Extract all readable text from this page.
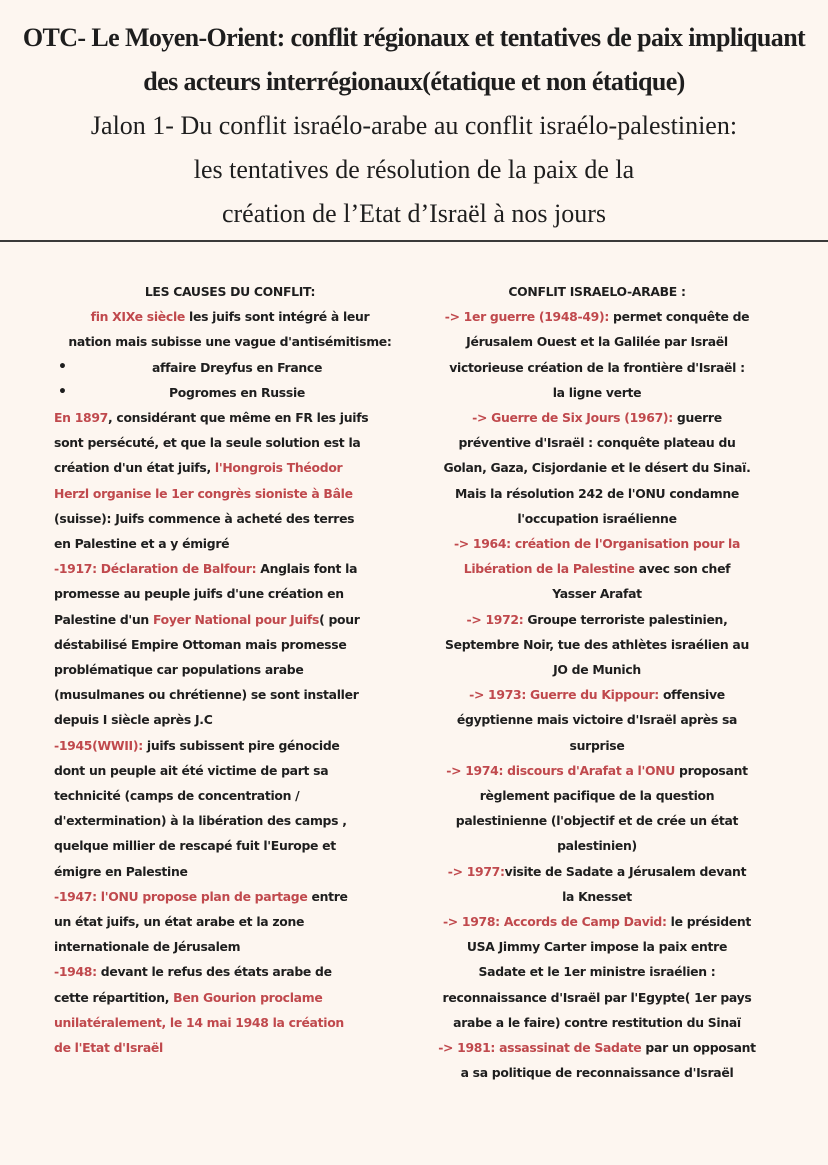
OTC- Le Moyen-Orient: conflit régionaux et tentatives de paix impliquant

des acteurs interrégionaux(étatique et non étatique)

Jalon 1- Du conflit israélo-arabe au conflit israélo-palestinien:

les tentatives de résolution de la paix de la

création de l’Etat d’Israël à nos jours

LES CAUSES DU CONFLIT:

fin XIXe siècle les juifs sont intégré à leur

nation mais subisse une vague d'antisémitisme:

•	affaire Dreyfus en France
•	Pogromes en Russie

En 1897, considérant que même en FR les juifs

sont persécuté, et que la seule solution est la

création d'un état juifs, l'Hongrois Théodor

Herzl organise le 1er congrès sioniste à Bâle

(suisse): Juifs commence à acheté des terres

en Palestine et a y émigré

-1917: Déclaration de Balfour: Anglais font la

promesse au peuple juifs d'une création en

Palestine d'un Foyer National pour Juifs( pour

déstabilisé Empire Ottoman mais promesse

problématique car populations arabe

(musulmanes ou chrétienne) se sont installer

depuis I siècle après J.C

-1945(WWII): juifs subissent pire génocide

dont un peuple ait été victime de part sa

technicité (camps de concentration /

d'extermination) à la libération des camps ,

quelque millier de rescapé fuit l'Europe et

émigre en Palestine

-1947: l'ONU propose plan de partage entre

un état juifs, un état arabe et la zone

internationale de Jérusalem

-1948: devant le refus des états arabe de

cette répartition, Ben Gourion proclame

unilatéralement, le 14 mai 1948 la création

de l'Etat d'Israël

CONFLIT ISRAELO-ARABE :

-> 1er guerre (1948-49): permet conquête de

Jérusalem Ouest et la Galilée par Israël

victorieuse création de la frontière d'Israël :

la ligne verte

-> Guerre de Six Jours (1967): guerre

préventive d'Israël : conquête plateau du

Golan, Gaza, Cisjordanie et le désert du Sinaï.

Mais la résolution 242 de l'ONU condamne

l'occupation israélienne

-> 1964: création de l'Organisation pour la

Libération de la Palestine avec son chef

Yasser Arafat

-> 1972: Groupe terroriste palestinien,

Septembre Noir, tue des athlètes israélien au

JO de Munich

-> 1973: Guerre du Kippour: offensive

égyptienne mais victoire d'Israël après sa

surprise

-> 1974: discours d'Arafat a l'ONU proposant

règlement pacifique de la question

palestinienne (l'objectif et de crée un état

palestinien)

-> 1977:visite de Sadate a Jérusalem devant

la Knesset

-> 1978: Accords de Camp David: le président

USA Jimmy Carter impose la paix entre

Sadate et le 1er ministre israélien :

reconnaissance d'Israël par l'Egypte( 1er pays

arabe a le faire) contre restitution du Sinaï

-> 1981: assassinat de Sadate par un opposant

a sa politique de reconnaissance d'Israël
